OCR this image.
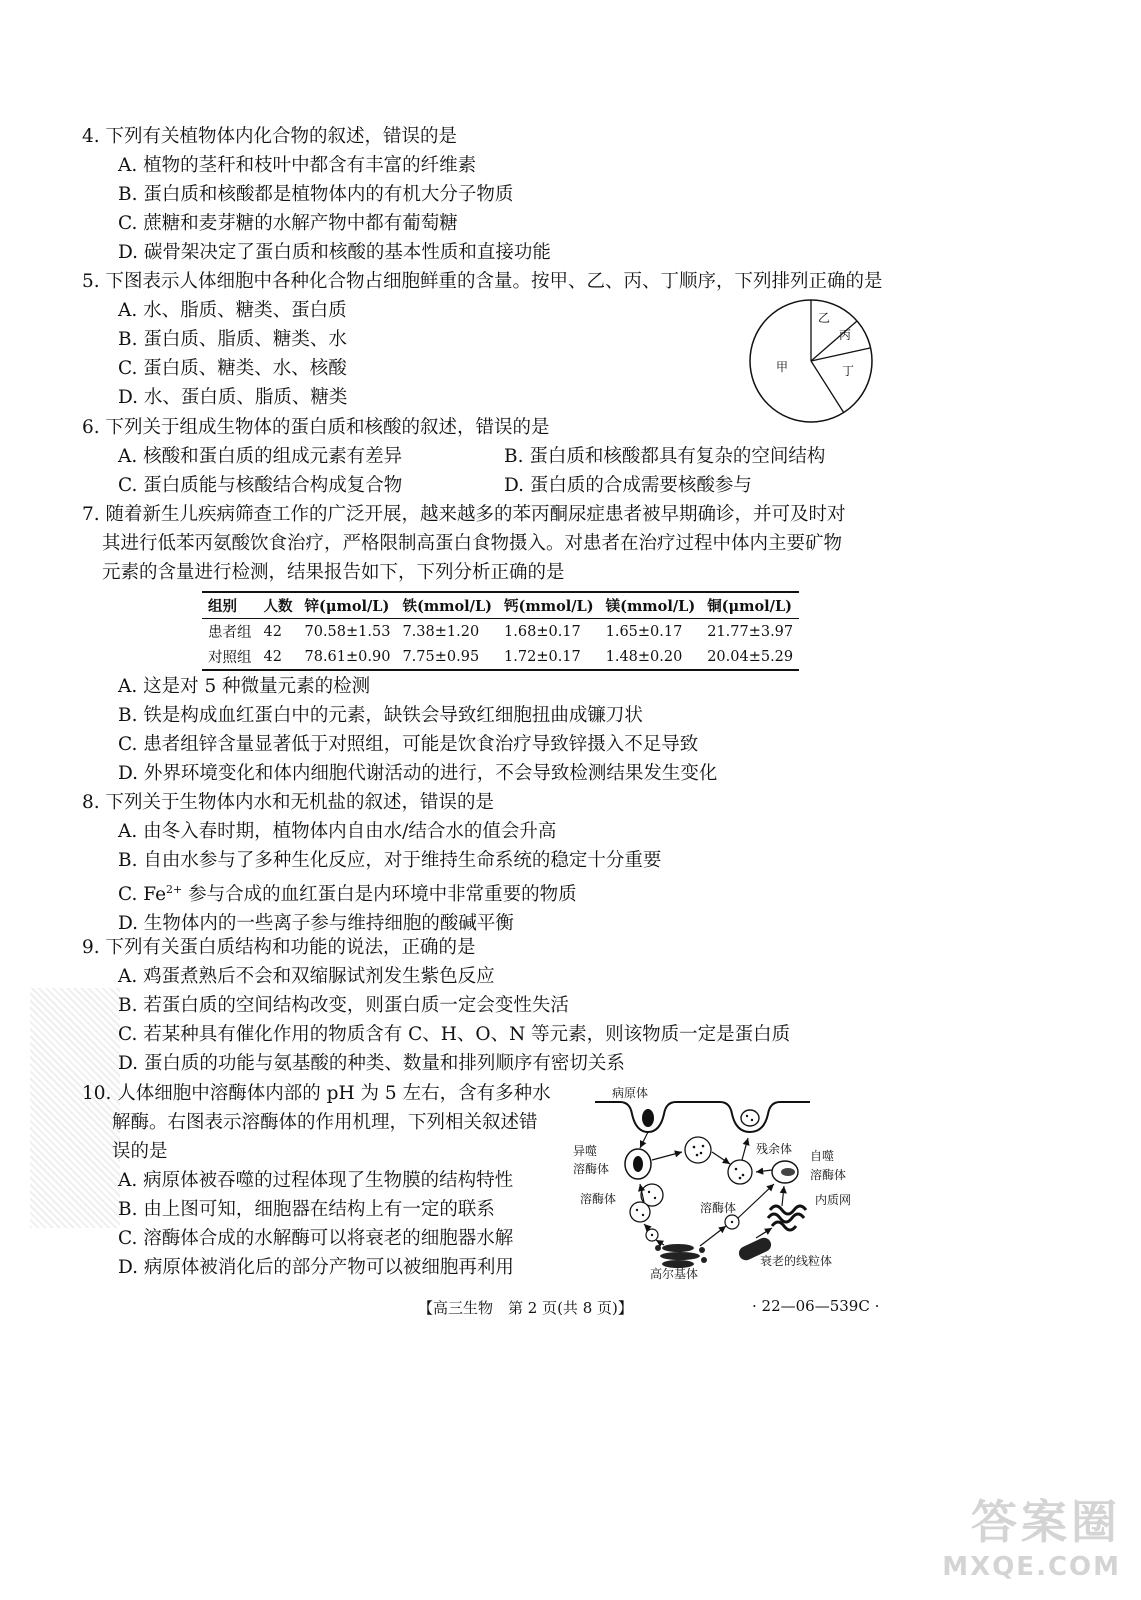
4. 下列有关植物体内化合物的叙述，错误的是
A. 植物的茎秆和枝叶中都含有丰富的纤维素
B. 蛋白质和核酸都是植物体内的有机大分子物质
C. 蔗糖和麦芽糖的水解产物中都有葡萄糖
D. 碳骨架决定了蛋白质和核酸的基本性质和直接功能
5. 下图表示人体细胞中各种化合物占细胞鲜重的含量。按甲、乙、丙、丁顺序，下列排列正确的是
A. 水、脂质、糖类、蛋白质
B. 蛋白质、脂质、糖类、水
C. 蛋白质、糖类、水、核酸
D. 水、蛋白质、脂质、糖类
甲
乙
丙
丁
6. 下列关于组成生物体的蛋白质和核酸的叙述，错误的是
A. 核酸和蛋白质的组成元素有差异	B. 蛋白质和核酸都具有复杂的空间结构
C. 蛋白质能与核酸结合构成复合物	D. 蛋白质的合成需要核酸参与
7. 随着新生儿疾病筛查工作的广泛开展，越来越多的苯丙酮尿症患者被早期确诊，并可及时对
其进行低苯丙氨酸饮食治疗，严格限制高蛋白食物摄入。对患者在治疗过程中体内主要矿物
元素的含量进行检测，结果报告如下，下列分析正确的是
组别	人数	锌(μmol/L)	铁(mmol/L)	钙(mmol/L)	镁(mmol/L)	铜(μmol/L)
患者组	42	70.58±1.53	7.38±1.20	1.68±0.17	1.65±0.17	21.77±3.97
对照组	42	78.61±0.90	7.75±0.95	1.72±0.17	1.48±0.20	20.04±5.29
A. 这是对 5 种微量元素的检测
B. 铁是构成血红蛋白中的元素，缺铁会导致红细胞扭曲成镰刀状
C. 患者组锌含量显著低于对照组，可能是饮食治疗导致锌摄入不足导致
D. 外界环境变化和体内细胞代谢活动的进行，不会导致检测结果发生变化
8. 下列关于生物体内水和无机盐的叙述，错误的是
A. 由冬入春时期，植物体内自由水/结合水的值会升高
B. 自由水参与了多种生化反应，对于维持生命系统的稳定十分重要
C. $Fe^{2+}$ 参与合成的血红蛋白是内环境中非常重要的物质
D. 生物体内的一些离子参与维持细胞的酸碱平衡
9. 下列有关蛋白质结构和功能的说法，正确的是
A. 鸡蛋煮熟后不会和双缩脲试剂发生紫色反应
B. 若蛋白质的空间结构改变，则蛋白质一定会变性失活
C. 若某种具有催化作用的物质含有 C、H、O、N 等元素，则该物质一定是蛋白质
D. 蛋白质的功能与氨基酸的种类、数量和排列顺序有密切关系
10. 人体细胞中溶酶体内部的 pH 为 5 左右，含有多种水
解酶。右图表示溶酶体的作用机理，下列相关叙述错
误的是
A. 病原体被吞噬的过程体现了生物膜的结构特性
B. 由上图可知，细胞器在结构上有一定的联系
C. 溶酶体合成的水解酶可以将衰老的细胞器水解
D. 病原体被消化后的部分产物可以被细胞再利用
病原体
异噬
溶酶体
残余体 自噬
溶酶体
溶酶体
溶酶体
内质网
高尔基体
衰老的线粒体
【高三生物　第 2 页(共 8 页)】	· 22—06—539C ·
答案圈
MXQE.COM
